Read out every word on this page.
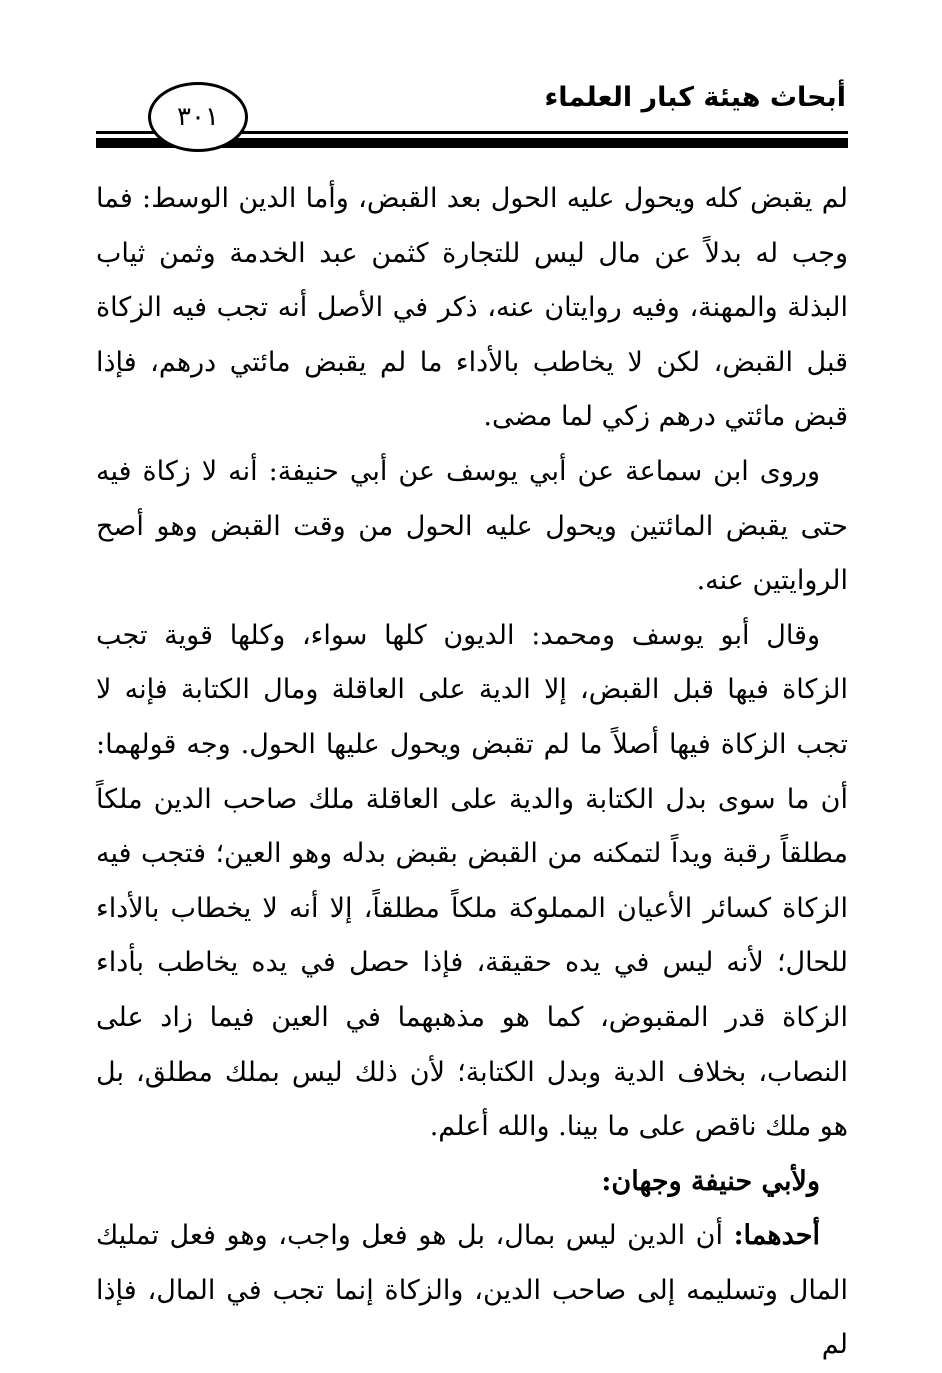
أبحاث هيئة كبار العلماء
٣٠١

لم يقبض كله ويحول عليه الحول بعد القبض، وأما الدين الوسط: فما وجب له بدلاً عن مال ليس للتجارة كثمن عبد الخدمة وثمن ثياب البذلة والمهنة، وفيه روايتان عنه، ذكر في الأصل أنه تجب فيه الزكاة قبل القبض، لكن لا يخاطب بالأداء ما لم يقبض مائتي درهم، فإذا قبض مائتي درهم زكي لما مضى.

وروى ابن سماعة عن أبي يوسف عن أبي حنيفة: أنه لا زكاة فيه حتى يقبض المائتين ويحول عليه الحول من وقت القبض وهو أصح الروايتين عنه.

وقال أبو يوسف ومحمد: الديون كلها سواء، وكلها قوية تجب الزكاة فيها قبل القبض، إلا الدية على العاقلة ومال الكتابة فإنه لا تجب الزكاة فيها أصلاً ما لم تقبض ويحول عليها الحول. وجه قولهما: أن ما سوى بدل الكتابة والدية على العاقلة ملك صاحب الدين ملكاً مطلقاً رقبة ويداً لتمكنه من القبض بقبض بدله وهو العين؛ فتجب فيه الزكاة كسائر الأعيان المملوكة ملكاً مطلقاً، إلا أنه لا يخطاب بالأداء للحال؛ لأنه ليس في يده حقيقة، فإذا حصل في يده يخاطب بأداء الزكاة قدر المقبوض، كما هو مذهبهما في العين فيما زاد على النصاب، بخلاف الدية وبدل الكتابة؛ لأن ذلك ليس بملك مطلق، بل هو ملك ناقص على ما بينا. والله أعلم.

ولأبي حنيفة وجهان:

أحدهما: أن الدين ليس بمال، بل هو فعل واجب، وهو فعل تمليك المال وتسليمه إلى صاحب الدين، والزكاة إنما تجب في المال، فإذا لم
